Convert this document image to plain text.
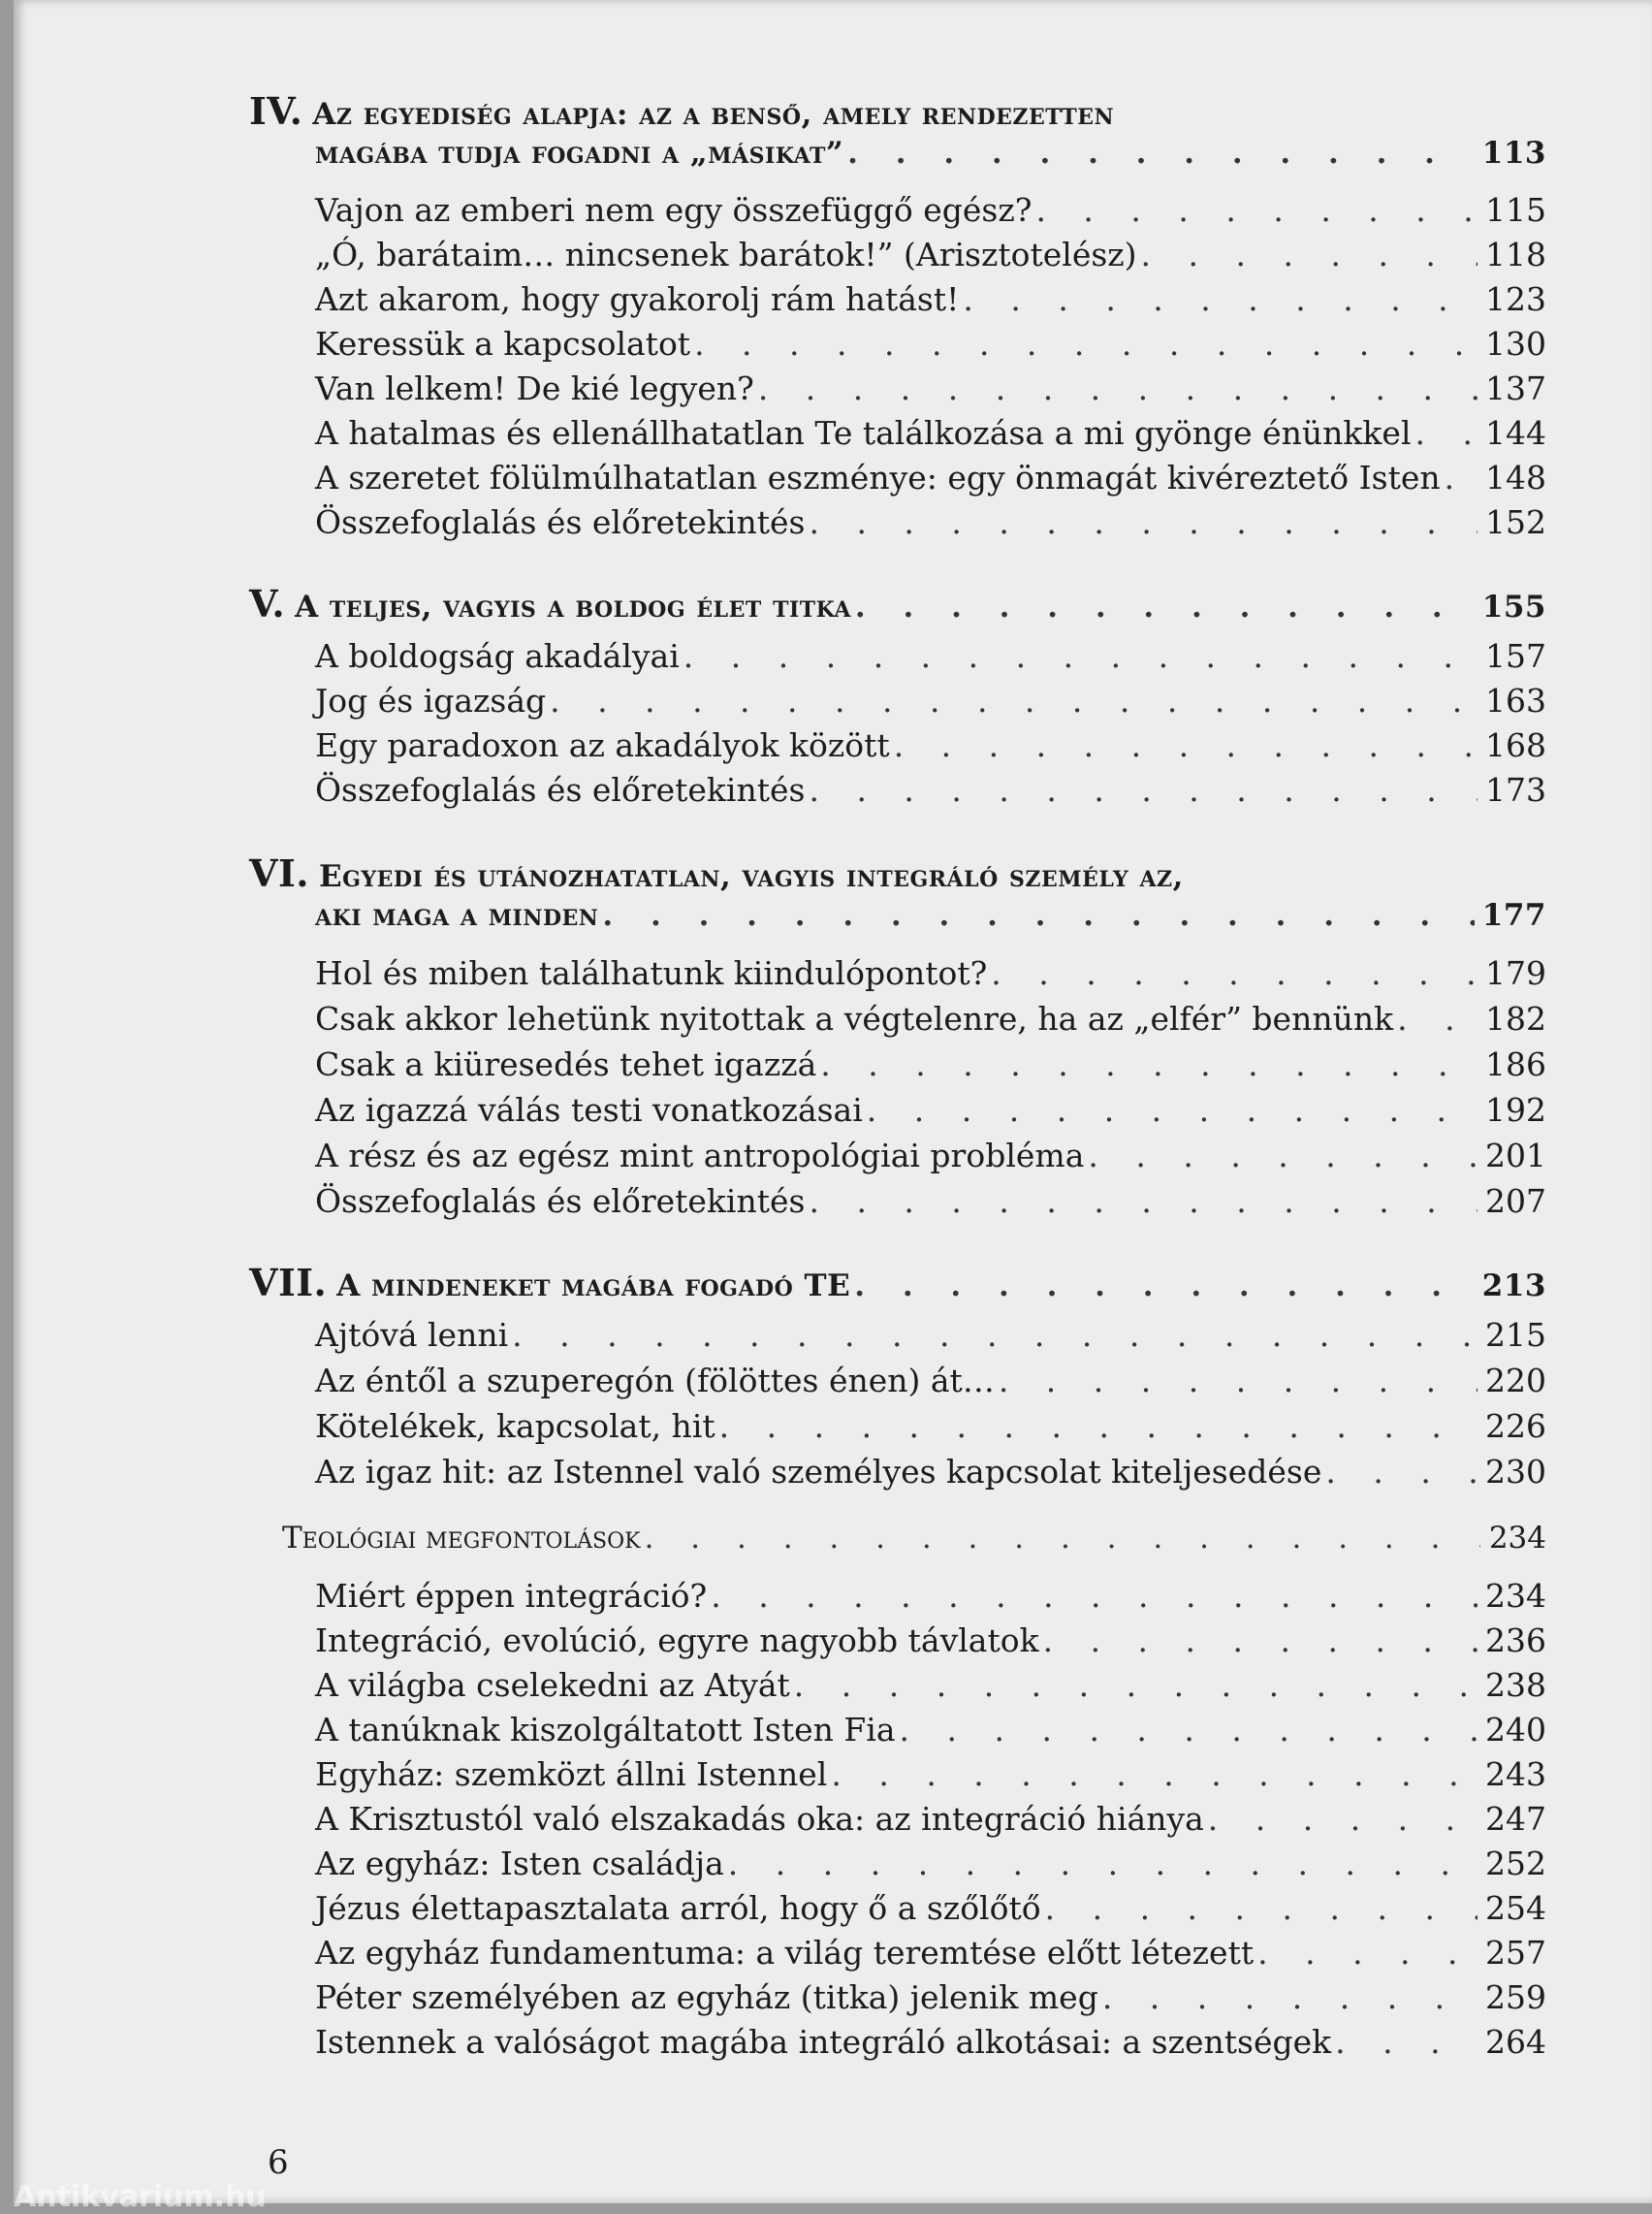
IV. Az egyediség alapja: az a benső, amely rendezetten
magába tudja fogadni a „másikat” . . .	113
Vajon az emberi nem egy összefüggő egész? . . .	115
„Ó, barátaim… nincsenek barátok!” (Arisztotelész) . . .	118
Azt akarom, hogy gyakorolj rám hatást! . . .	123
Keressük a kapcsolatot . . .	130
Van lelkem! De kié legyen? . . .	137
A hatalmas és ellenállhatatlan Te találkozása a mi gyönge énünkkel . . . 144
A szeretet fölülmúlhatatlan eszménye: egy önmagát kivéreztető Isten . . . 148
Összefoglalás és előretekintés . . .	152
V. A teljes, vagyis a boldog élet titka . . .	155
A boldogság akadályai . . .	157
Jog és igazság . . .	163
Egy paradoxon az akadályok között . . .	168
Összefoglalás és előretekintés . . .	173
VI. Egyedi és utánozhatatlan, vagyis integráló személy az,
aki maga a minden . . .	177
Hol és miben találhatunk kiindulópontot? . . .	179
Csak akkor lehetünk nyitottak a végtelenre, ha az „elfér” bennünk . . .	182
Csak a kiüresedés tehet igazzá . . .	186
Az igazzá válás testi vonatkozásai . . .	192
A rész és az egész mint antropológiai probléma . . .	201
Összefoglalás és előretekintés . . .	207
VII. A mindeneket magába fogadó TE . . .	213
Ajtóvá lenni . . .	215
Az éntől a szuperegón (fölöttes énen) át… . . .	220
Kötelékek, kapcsolat, hit . . .	226
Az igaz hit: az Istennel való személyes kapcsolat kiteljesedése . . .	230
Teológiai megfontolások . . .	234
Miért éppen integráció? . . .	234
Integráció, evolúció, egyre nagyobb távlatok . . .	236
A világba cselekedni az Atyát . . .	238
A tanúknak kiszolgáltatott Isten Fia . . .	240
Egyház: szemközt állni Istennel . . .	243
A Krisztustól való elszakadás oka: az integráció hiánya . . .	247
Az egyház: Isten családja . . .	252
Jézus élettapasztalata arról, hogy ő a szőlőtő . . .	254
Az egyház fundamentuma: a világ teremtése előtt létezett . . .	257
Péter személyében az egyház (titka) jelenik meg . . .	259
Istennek a valóságot magába integráló alkotásai: a szentségek . . .	264
6
Antikvarium.hu
